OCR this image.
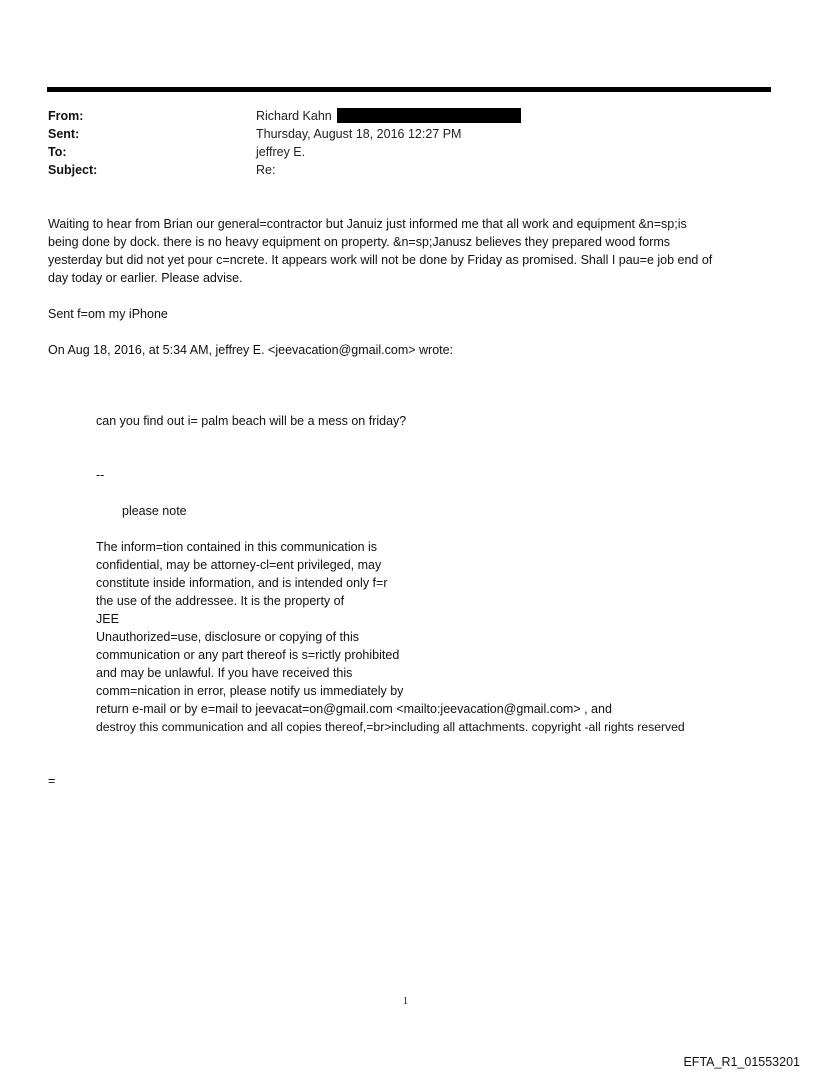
From:	Richard Kahn
Sent:	Thursday, August 18, 2016 12:27 PM
To:	jeffrey E.
Subject:	Re:
Waiting to hear from Brian our general=contractor but Januiz just informed me that all work and equipment &n=sp;is
being done by dock. there is no heavy equipment on property. &n=sp;Janusz believes they prepared wood forms
yesterday but did not yet pour c=ncrete. It appears work will not be done by Friday as promised. Shall I pau=e job end of
day today or earlier. Please advise.
Sent f=om my iPhone
On Aug 18, 2016, at 5:34 AM, jeffrey E. <jeevacation@gmail.com> wrote:
can you find out i= palm beach will be a mess on friday?
--
please note
The inform=tion contained in this communication is
confidential, may be attorney-cl=ent privileged, may
constitute inside information, and is intended only f=r
the use of the addressee. It is the property of
JEE
Unauthorized=use, disclosure or copying of this
communication or any part thereof is s=rictly prohibited
and may be unlawful. If you have received this
comm=nication in error, please notify us immediately by
return e-mail or by e=mail to jeevacat=on@gmail.com <mailto:jeevacation@gmail.com> , and
destroy this communication and all copies thereof,=br>including all attachments. copyright -all rights reserved
=
1
EFTA_R1_01553201
